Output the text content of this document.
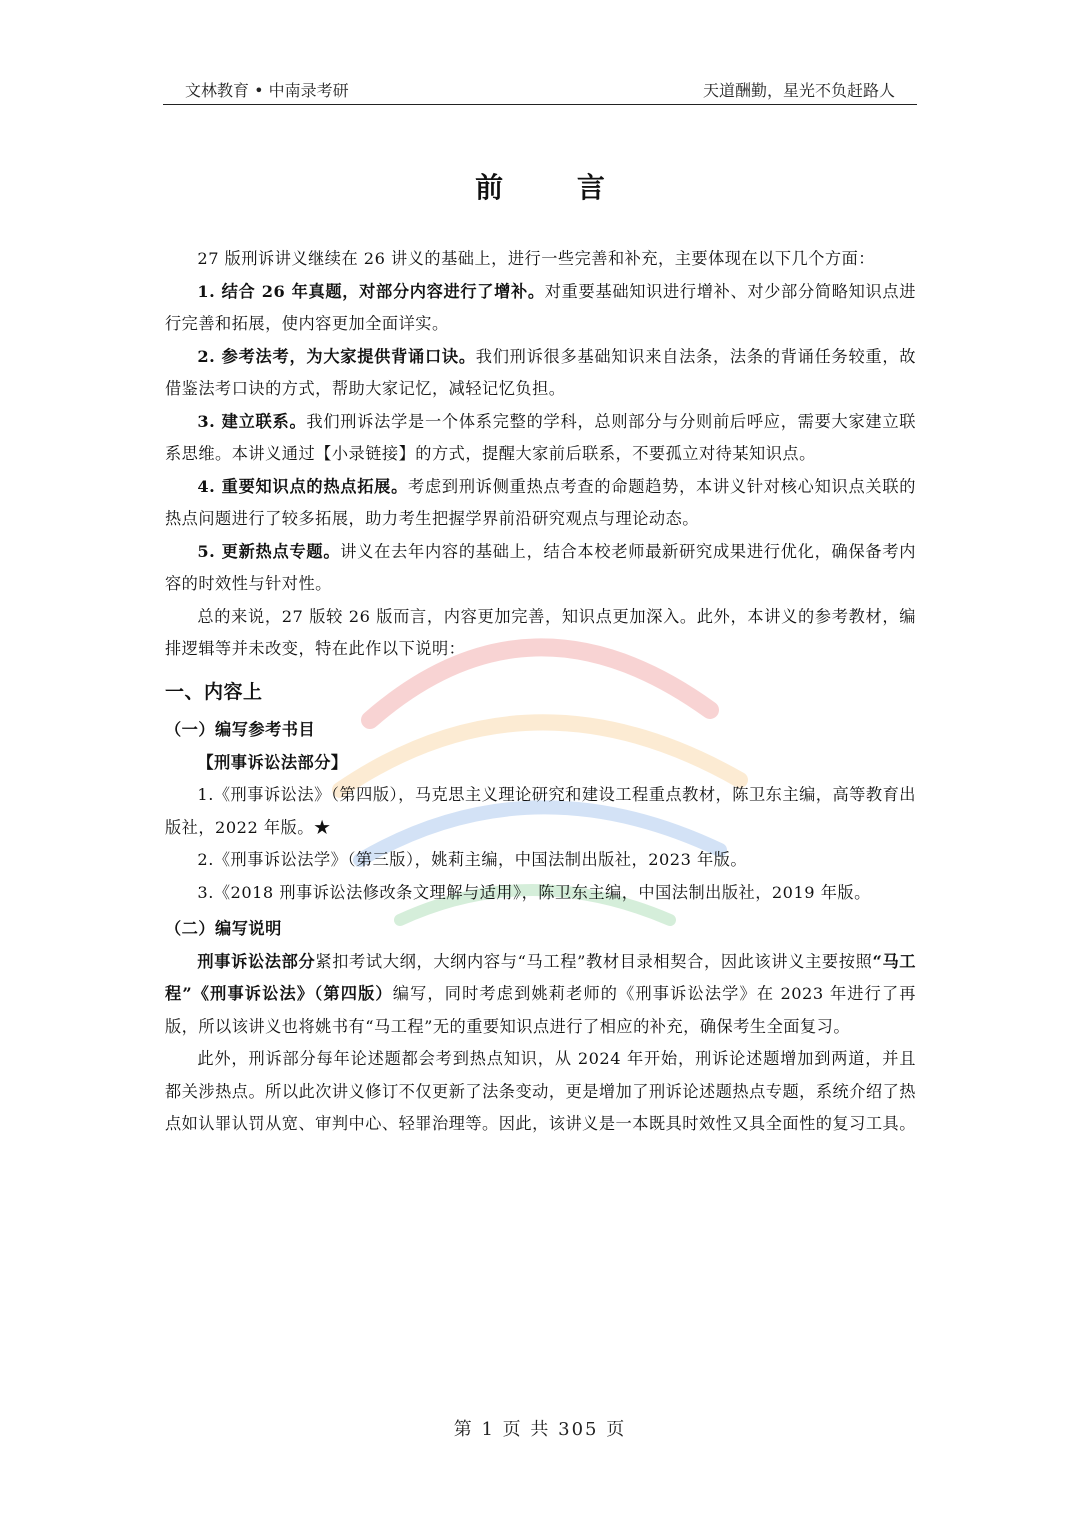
文林教育 • 中南录考研	天道酬勤，星光不负赶路人
前 言

27 版刑诉讲义继续在 26 讲义的基础上，进行一些完善和补充，主要体现在以下几个方面：

1. 结合 26 年真题，对部分内容进行了增补。对重要基础知识进行增补、对少部分简略知识点进行完善和拓展，使内容更加全面详实。

2. 参考法考，为大家提供背诵口诀。我们刑诉很多基础知识来自法条，法条的背诵任务较重，故借鉴法考口诀的方式，帮助大家记忆，减轻记忆负担。

3. 建立联系。我们刑诉法学是一个体系完整的学科，总则部分与分则前后呼应，需要大家建立联系思维。本讲义通过【小录链接】的方式，提醒大家前后联系，不要孤立对待某知识点。

4. 重要知识点的热点拓展。考虑到刑诉侧重热点考查的命题趋势，本讲义针对核心知识点关联的热点问题进行了较多拓展，助力考生把握学界前沿研究观点与理论动态。

5. 更新热点专题。讲义在去年内容的基础上，结合本校老师最新研究成果进行优化，确保备考内容的时效性与针对性。

总的来说，27 版较 26 版而言，内容更加完善，知识点更加深入。此外，本讲义的参考教材，编排逻辑等并未改变，特在此作以下说明：

一、内容上

（一）编写参考书目

【刑事诉讼法部分】

1.《刑事诉讼法》（第四版），马克思主义理论研究和建设工程重点教材，陈卫东主编，高等教育出版社，2022 年版。★

2.《刑事诉讼法学》（第三版），姚莉主编，中国法制出版社，2023 年版。

3.《2018 刑事诉讼法修改条文理解与适用》，陈卫东主编，中国法制出版社，2019 年版。

（二）编写说明

刑事诉讼法部分紧扣考试大纲，大纲内容与“马工程”教材目录相契合，因此该讲义主要按照“马工程”《刑事诉讼法》（第四版）编写，同时考虑到姚莉老师的《刑事诉讼法学》在 2023 年进行了再版，所以该讲义也将姚书有“马工程”无的重要知识点进行了相应的补充，确保考生全面复习。

此外，刑诉部分每年论述题都会考到热点知识，从 2024 年开始，刑诉论述题增加到两道，并且都关涉热点。所以此次讲义修订不仅更新了法条变动，更是增加了刑诉论述题热点专题，系统介绍了热点如认罪认罚从宽、审判中心、轻罪治理等。因此，该讲义是一本既具时效性又具全面性的复习工具。

第 1 页 共 305 页
